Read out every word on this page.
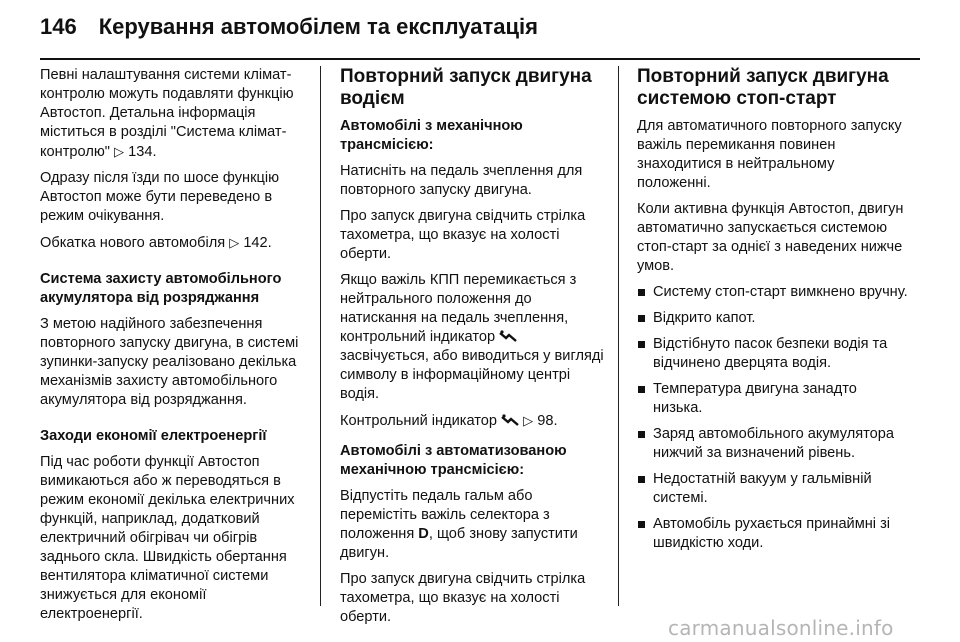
146 Керування автомобілем та експлуатація

Певні налаштування системи клімат-контролю можуть подавляти функцію Автостоп. Детальна інформація міститься в розділі "Система клімат-контролю" ▷ 134.

Одразу після їзди по шосе функцію Автостоп може бути переведено в режим очікування.

Обкатка нового автомобіля ▷ 142.

Система захисту автомобільного акумулятора від розряджання

З метою надійного забезпечення повторного запуску двигуна, в системі зупинки-запуску реалізовано декілька механізмів захисту автомобільного акумулятора від розряджання.

Заходи економії електроенергії

Під час роботи функції Автостоп вимикаються або ж переводяться в режим економії декілька електричних функцій, наприклад, додатковий електричний обігрівач чи обігрів заднього скла. Швидкість обертання вентилятора кліматичної системи знижується для економії електроенергії.

Повторний запуск двигуна водієм

Автомобілі з механічною трансмісією:

Натисніть на педаль зчеплення для повторного запуску двигуна.

Про запуск двигуна свідчить стрілка тахометра, що вказує на холості оберти.

Якщо важіль КПП перемикається з нейтрального положення до натискання на педаль зчеплення, контрольний індикатор  засвічується, або виводиться у вигляді символу в інформаційному центрі водія.

Контрольний індикатор ▷ 98.

Автомобілі з автоматизованою механічною трансмісією:

Відпустіть педаль гальм або перемістіть важіль селектора з положення D, щоб знову запустити двигун.

Про запуск двигуна свідчить стрілка тахометра, що вказує на холості оберти.

Повторний запуск двигуна системою стоп-старт

Для автоматичного повторного запуску важіль перемикання повинен знаходитися в нейтральному положенні.

Коли активна функція Автостоп, двигун автоматично запускається системою стоп-старт за однієї з наведених нижче умов.

Систему стоп-старт вимкнено вручну.
Відкрито капот.
Відстібнуто пасок безпеки водія та відчинено дверцята водія.
Температура двигуна занадто низька.
Заряд автомобільного акумулятора нижчий за визначений рівень.
Недостатній вакуум у гальмівній системі.
Автомобіль рухається принаймні зі швидкістю ходи.
carmanualsonline.info
